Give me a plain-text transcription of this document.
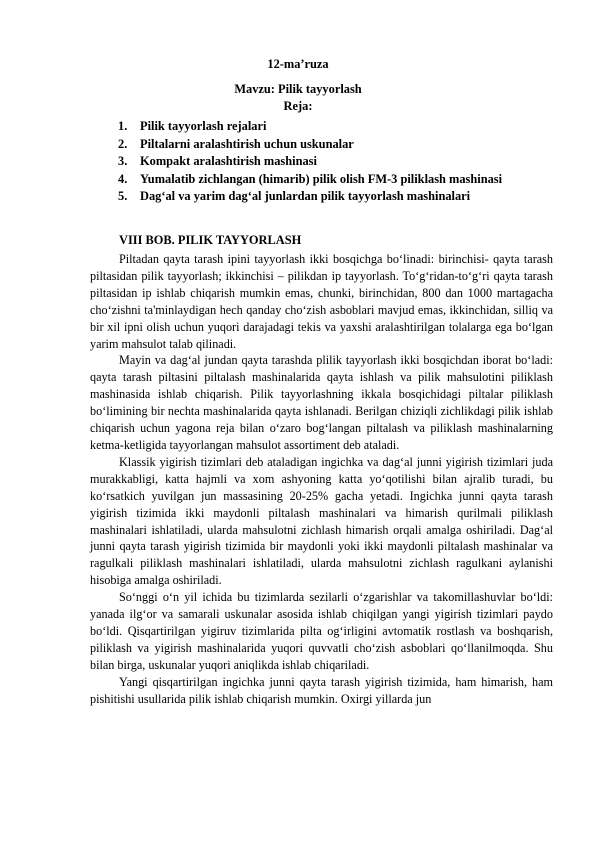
12-ma’ruza
Mavzu: Pilik tayyorlash
Reja:
1. Pilik tayyorlash rejalari
2. Piltalarni aralashtirish uchun uskunalar
3. Kompakt aralashtirish mashinasi
4. Yumalatib zichlangan (himarib) pilik olish FM-3 piliklash mashinasi
5. Dag‘al va yarim dag‘al junlardan pilik tayyorlash mashinalari
VIII BOB. PILIK TAYYORLASH

Piltadan qayta tarash ipini tayyorlash ikki bosqichga bo‘linadi: birinchisi- qayta tarash piltasidan pilik tayyorlash; ikkinchisi – pilikdan ip tayyorlash. To‘g‘ridan-to‘g‘ri qayta tarash piltasidan ip ishlab chiqarish mumkin emas, chunki, birinchidan, 800 dan 1000 martagacha cho‘zishni ta'minlaydigan hech qanday cho‘zish asboblari mavjud emas, ikkinchidan, silliq va bir xil ipni olish uchun yuqori darajadagi tekis va yaxshi aralashtirilgan tolalarga ega bo‘lgan yarim mahsulot talab qilinadi.

Mayin va dag‘al jundan qayta tarashda plilik tayyorlash ikki bosqichdan iborat bo‘ladi: qayta tarash piltasini piltalash mashinalarida qayta ishlash va pilik mahsulotini piliklash mashinasida ishlab chiqarish. Pilik tayyorlashning ikkala bosqichidagi piltalar piliklash bo‘limining bir nechta mashinalarida qayta ishlanadi. Berilgan chiziqli zichlikdagi pilik ishlab chiqarish uchun yagona reja bilan o‘zaro bog‘langan piltalash va piliklash mashinalarning ketma-ketligida tayyorlangan mahsulot assortiment deb ataladi.

Klassik yigirish tizimlari deb ataladigan ingichka va dag‘al junni yigirish tizimlari juda murakkabligi, katta hajmli va xom ashyoning katta yo‘qotilishi bilan ajralib turadi, bu ko‘rsatkich yuvilgan jun massasining 20-25% gacha yetadi. Ingichka junni qayta tarash yigirish tizimida ikki maydonli piltalash mashinalari va himarish qurilmali piliklash mashinalari ishlatiladi, ularda mahsulotni zichlash himarish orqali amalga oshiriladi. Dag‘al junni qayta tarash yigirish tizimida bir maydonli yoki ikki maydonli piltalash mashinalar va ragulkali piliklash mashinalari ishlatiladi, ularda mahsulotni zichlash ragulkani aylanishi hisobiga amalga oshiriladi.

So‘nggi o‘n yil ichida bu tizimlarda sezilarli o‘zgarishlar va takomillashuvlar bo‘ldi: yanada ilg‘or va samarali uskunalar asosida ishlab chiqilgan yangi yigirish tizimlari paydo bo‘ldi. Qisqartirilgan yigiruv tizimlarida pilta og‘irligini avtomatik rostlash va boshqarish, piliklash va yigirish mashinalarida yuqori quvvatli cho‘zish asboblari qo‘llanilmoqda. Shu bilan birga, uskunalar yuqori aniqlikda ishlab chiqariladi.

Yangi qisqartirilgan ingichka junni qayta tarash yigirish tizimida, ham himarish, ham pishitishi usullarida pilik ishlab chiqarish mumkin. Oxirgi yillarda jun
